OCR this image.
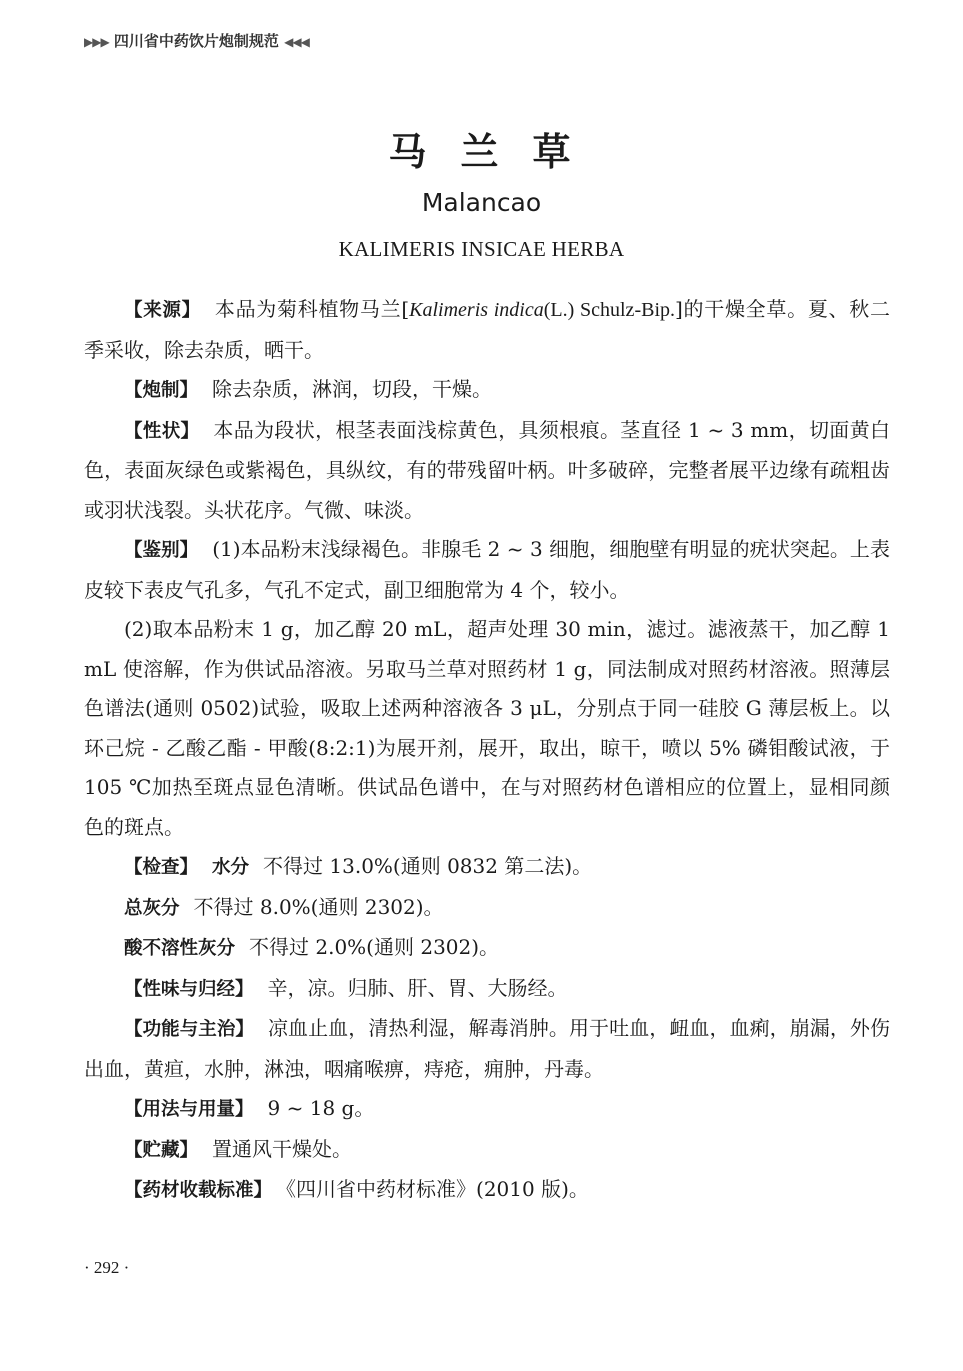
▶▶▶ 四川省中药饮片炮制规范 ◀◀◀
马兰草
Malancao
KALIMERIS INSICAE HERBA

【来源】 本品为菊科植物马兰[Kalimeris indica(L.) Schulz-Bip.]的干燥全草。夏、秋二季采收，除去杂质，晒干。

【炮制】 除去杂质，淋润，切段，干燥。

【性状】 本品为段状，根茎表面浅棕黄色，具须根痕。茎直径 1 ~ 3 mm，切面黄白色，表面灰绿色或紫褐色，具纵纹，有的带残留叶柄。叶多破碎，完整者展平边缘有疏粗齿或羽状浅裂。头状花序。气微、味淡。

【鉴别】 (1)本品粉末浅绿褐色。非腺毛 2 ~ 3 细胞，细胞壁有明显的疣状突起。上表皮较下表皮气孔多，气孔不定式，副卫细胞常为 4 个，较小。

(2)取本品粉末 1 g，加乙醇 20 mL，超声处理 30 min，滤过。滤液蒸干，加乙醇 1 mL 使溶解，作为供试品溶液。另取马兰草对照药材 1 g，同法制成对照药材溶液。照薄层色谱法(通则 0502)试验，吸取上述两种溶液各 3 μL，分别点于同一硅胶 G 薄层板上。以环己烷 - 乙酸乙酯 - 甲酸(8:2:1)为展开剂，展开，取出，晾干，喷以 5% 磷钼酸试液，于 105 ℃加热至斑点显色清晰。供试品色谱中，在与对照药材色谱相应的位置上，显相同颜色的斑点。

【检查】 水分 不得过 13.0%(通则 0832 第二法)。

总灰分 不得过 8.0%(通则 2302)。

酸不溶性灰分 不得过 2.0%(通则 2302)。

【性味与归经】 辛，凉。归肺、肝、胃、大肠经。

【功能与主治】 凉血止血，清热利湿，解毒消肿。用于吐血，衄血，血痢，崩漏，外伤出血，黄疸，水肿，淋浊，咽痛喉痹，痔疮，痈肿，丹毒。

【用法与用量】 9 ~ 18 g。

【贮藏】 置通风干燥处。

【药材收载标准】 《四川省中药材标准》(2010 版)。

· 292 ·
